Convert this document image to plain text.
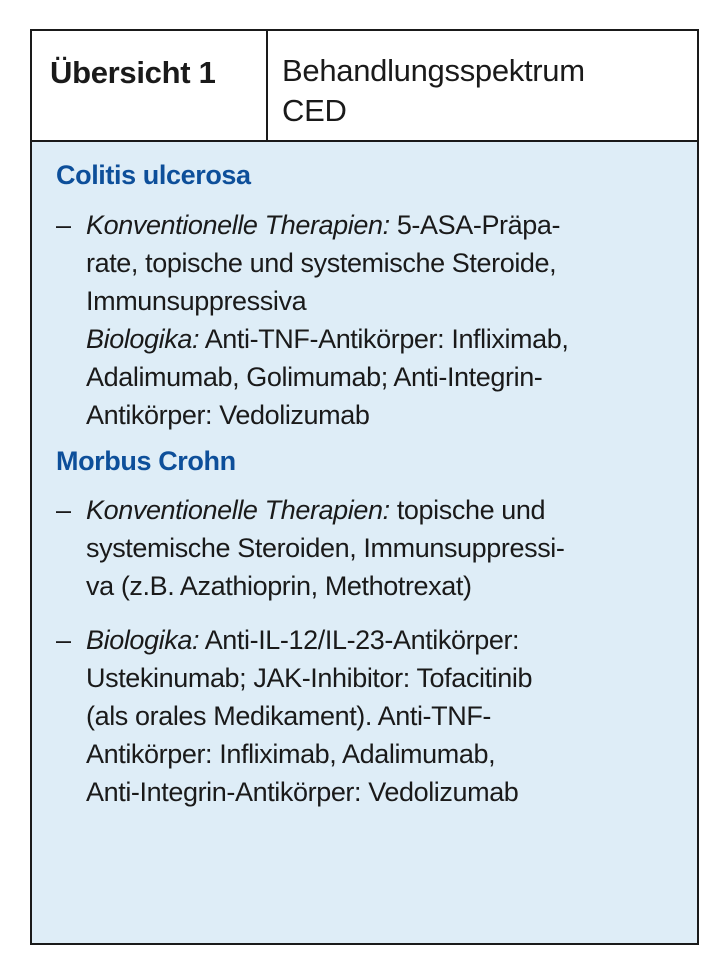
Übersicht 1	Behandlungsspektrum
CED
Colitis ulcerosa
– Konventionelle Therapien: 5-ASA-Präpa-
rate, topische und systemische Steroide,
Immunsuppressiva
Biologika: Anti-TNF-Antikörper: Infliximab,
Adalimumab, Golimumab; Anti-Integrin-
Antikörper: Vedolizumab
Morbus Crohn
– Konventionelle Therapien: topische und
systemische Steroiden, Immunsuppressi-
va (z.B. Azathioprin, Methotrexat)
– Biologika: Anti-IL-12/IL-23-Antikörper:
Ustekinumab; JAK-Inhibitor: Tofacitinib
(als orales Medikament). Anti-TNF-
Antikörper: Infliximab, Adalimumab,
Anti-Integrin-Antikörper: Vedolizumab
